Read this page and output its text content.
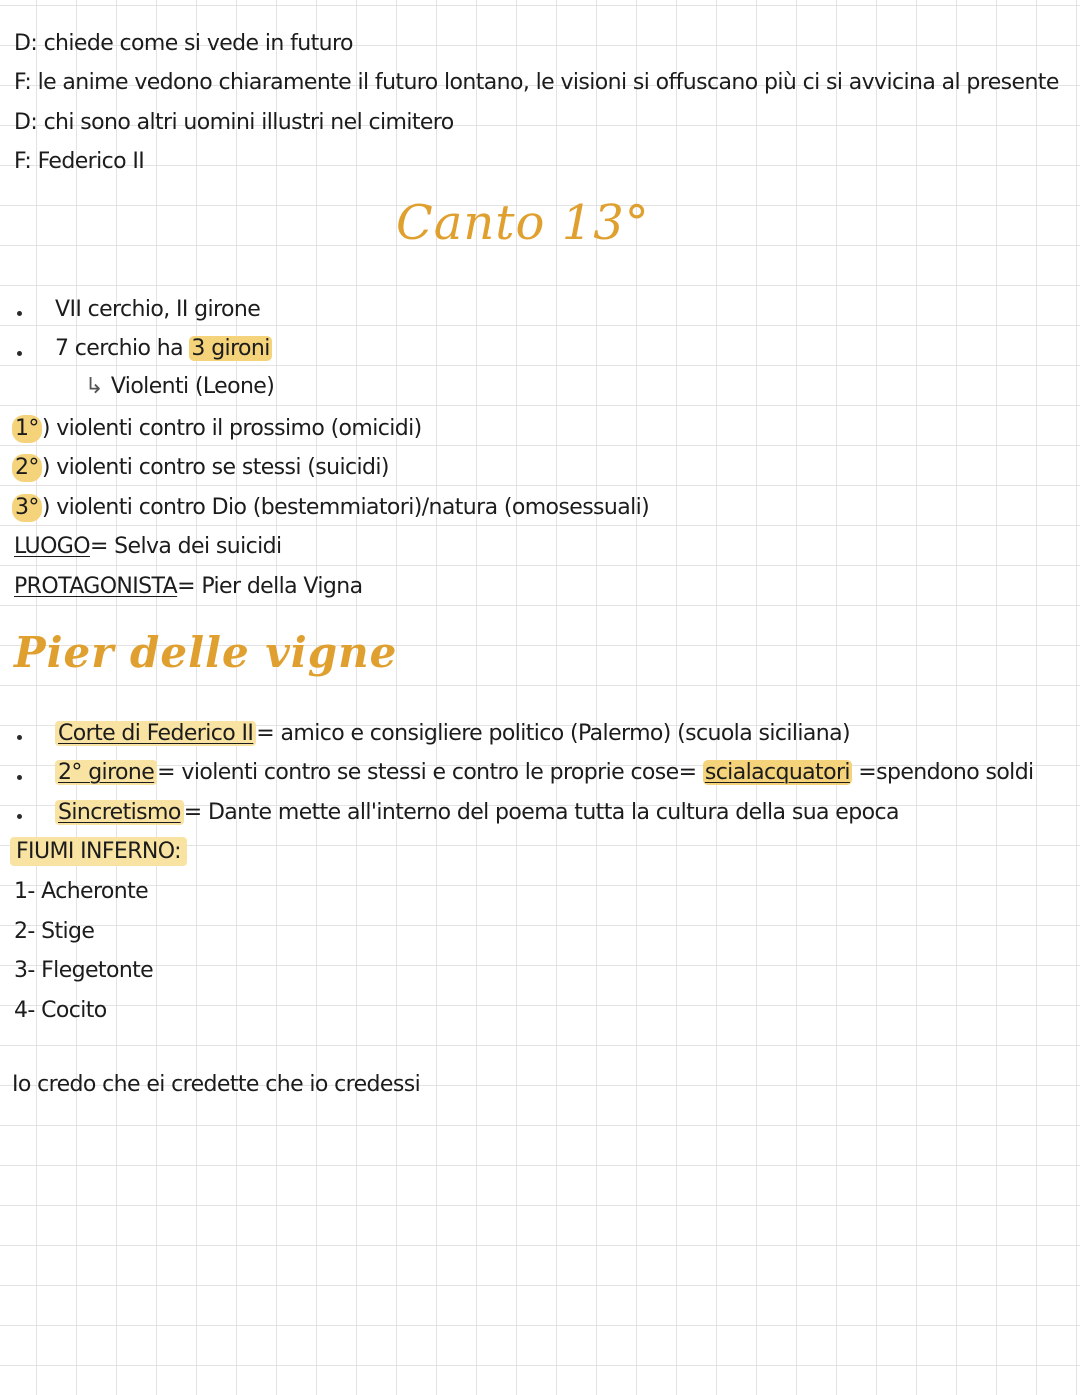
D: chiede come si vede in futuro
F: le anime vedono chiaramente il futuro lontano, le visioni si offuscano più ci si avvicina al presente
D: chi sono altri uomini illustri nel cimitero
F: Federico II
Canto 13°
VII cerchio, II girone
7 cerchio ha 3 gironi
↳ Violenti (Leone)
1° ) violenti contro il prossimo (omicidi)
2° ) violenti contro se stessi (suicidi)
3° ) violenti contro Dio (bestemmiatori)/natura (omosessuali)
LUOGO= Selva dei suicidi
PROTAGONISTA= Pier della Vigna
Pier delle vigne
Corte di Federico II = amico e consigliere politico (Palermo) (scuola siciliana)
2° girone = violenti contro se stessi e contro le proprie cose= scialacquatori =spendono soldi
Sincretismo = Dante mette all'interno del poema tutta la cultura della sua epoca
FIUMI INFERNO:
1- Acheronte
2- Stige
3- Flegetonte
4- Cocito
Io credo che ei credette che io credessi
